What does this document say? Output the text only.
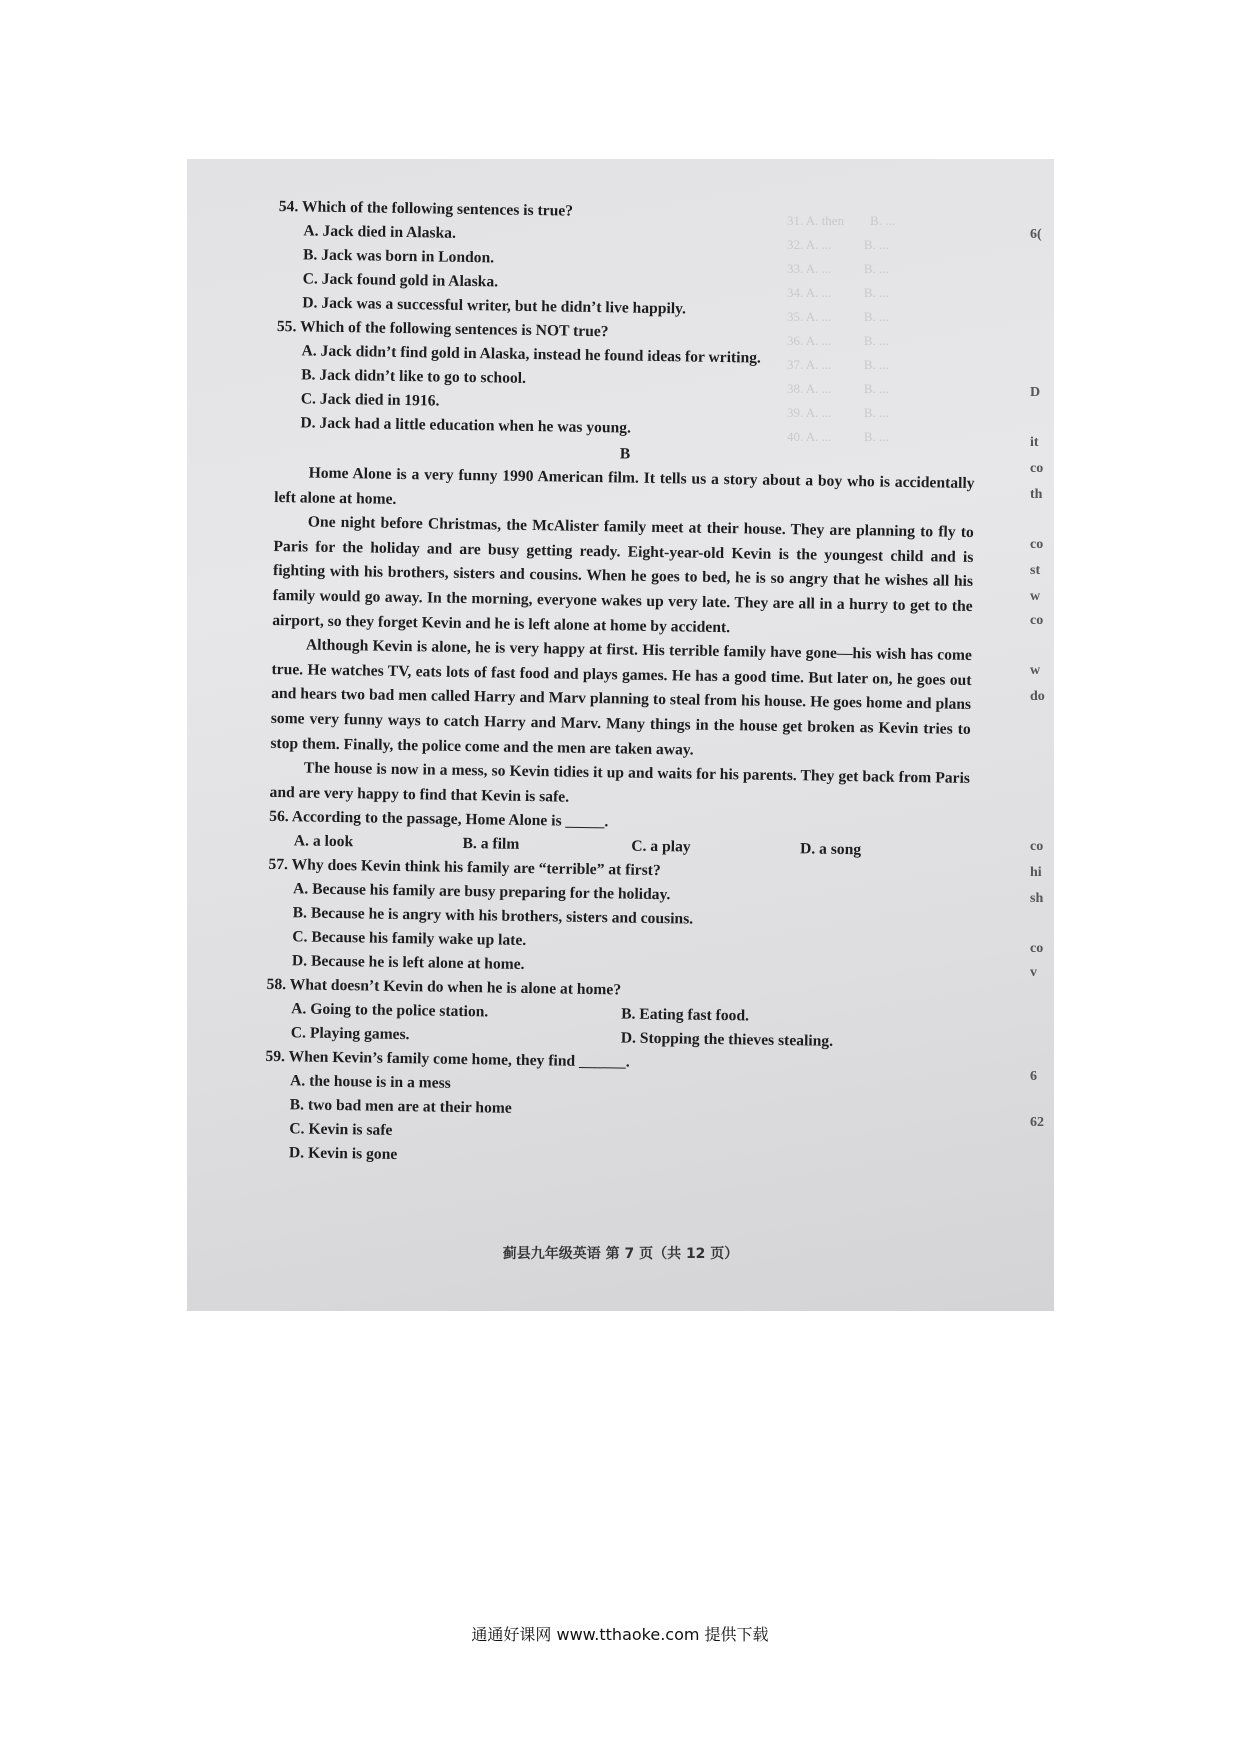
31. A. then        B. ...
32. A. ...          B. ...
33. A. ...          B. ...
34. A. ...          B. ...
35. A. ...          B. ...
36. A. ...          B. ...
37. A. ...          B. ...
38. A. ...          B. ...
39. A. ...          B. ...
40. A. ...          B. ...
6(
D
it
co
th
co
st
w
co
w
do
co
hi
sh
co
v
6
62

54. Which of the following sentences is true?

A. Jack died in Alaska.

B. Jack was born in London.

C. Jack found gold in Alaska.

D. Jack was a successful writer, but he didn’t live happily.

55. Which of the following sentences is NOT true?

A. Jack didn’t find gold in Alaska, instead he found ideas for writing.

B. Jack didn’t like to go to school.

C. Jack died in 1916.

D. Jack had a little education when he was young.

B

Home Alone is a very funny 1990 American film. It tells us a story about a boy who is accidentally left alone at home.

One night before Christmas, the McAlister family meet at their house. They are planning to fly to Paris for the holiday and are busy getting ready. Eight-year-old Kevin is the youngest child and is fighting with his brothers, sisters and cousins. When he goes to bed, he is so angry that he wishes all his family would go away. In the morning, everyone wakes up very late. They are all in a hurry to get to the airport, so they forget Kevin and he is left alone at home by accident.

Although Kevin is alone, he is very happy at first. His terrible family have gone—his wish has come true. He watches TV, eats lots of fast food and plays games. He has a good time. But later on, he goes out and hears two bad men called Harry and Marv planning to steal from his house. He goes home and plans some very funny ways to catch Harry and Marv. Many things in the house get broken as Kevin tries to stop them. Finally, the police come and the men are taken away.

The house is now in a mess, so Kevin tidies it up and waits for his parents. They get back from Paris and are very happy to find that Kevin is safe.

56. According to the passage, Home Alone is _____.

A. a look	B. a film	C. a play	D. a song

57. Why does Kevin think his family are “terrible” at first?

A. Because his family are busy preparing for the holiday.

B. Because he is angry with his brothers, sisters and cousins.

C. Because his family wake up late.

D. Because he is left alone at home.

58. What doesn’t Kevin do when he is alone at home?

A. Going to the police station.	B. Eating fast food.
C. Playing games.	D. Stopping the thieves stealing.

59. When Kevin’s family come home, they find ______.

A. the house is in a mess

B. two bad men are at their home

C. Kevin is safe

D. Kevin is gone

蓟县九年级英语 第 7 页（共 12 页）
通通好课网 www.tthaoke.com 提供下载
